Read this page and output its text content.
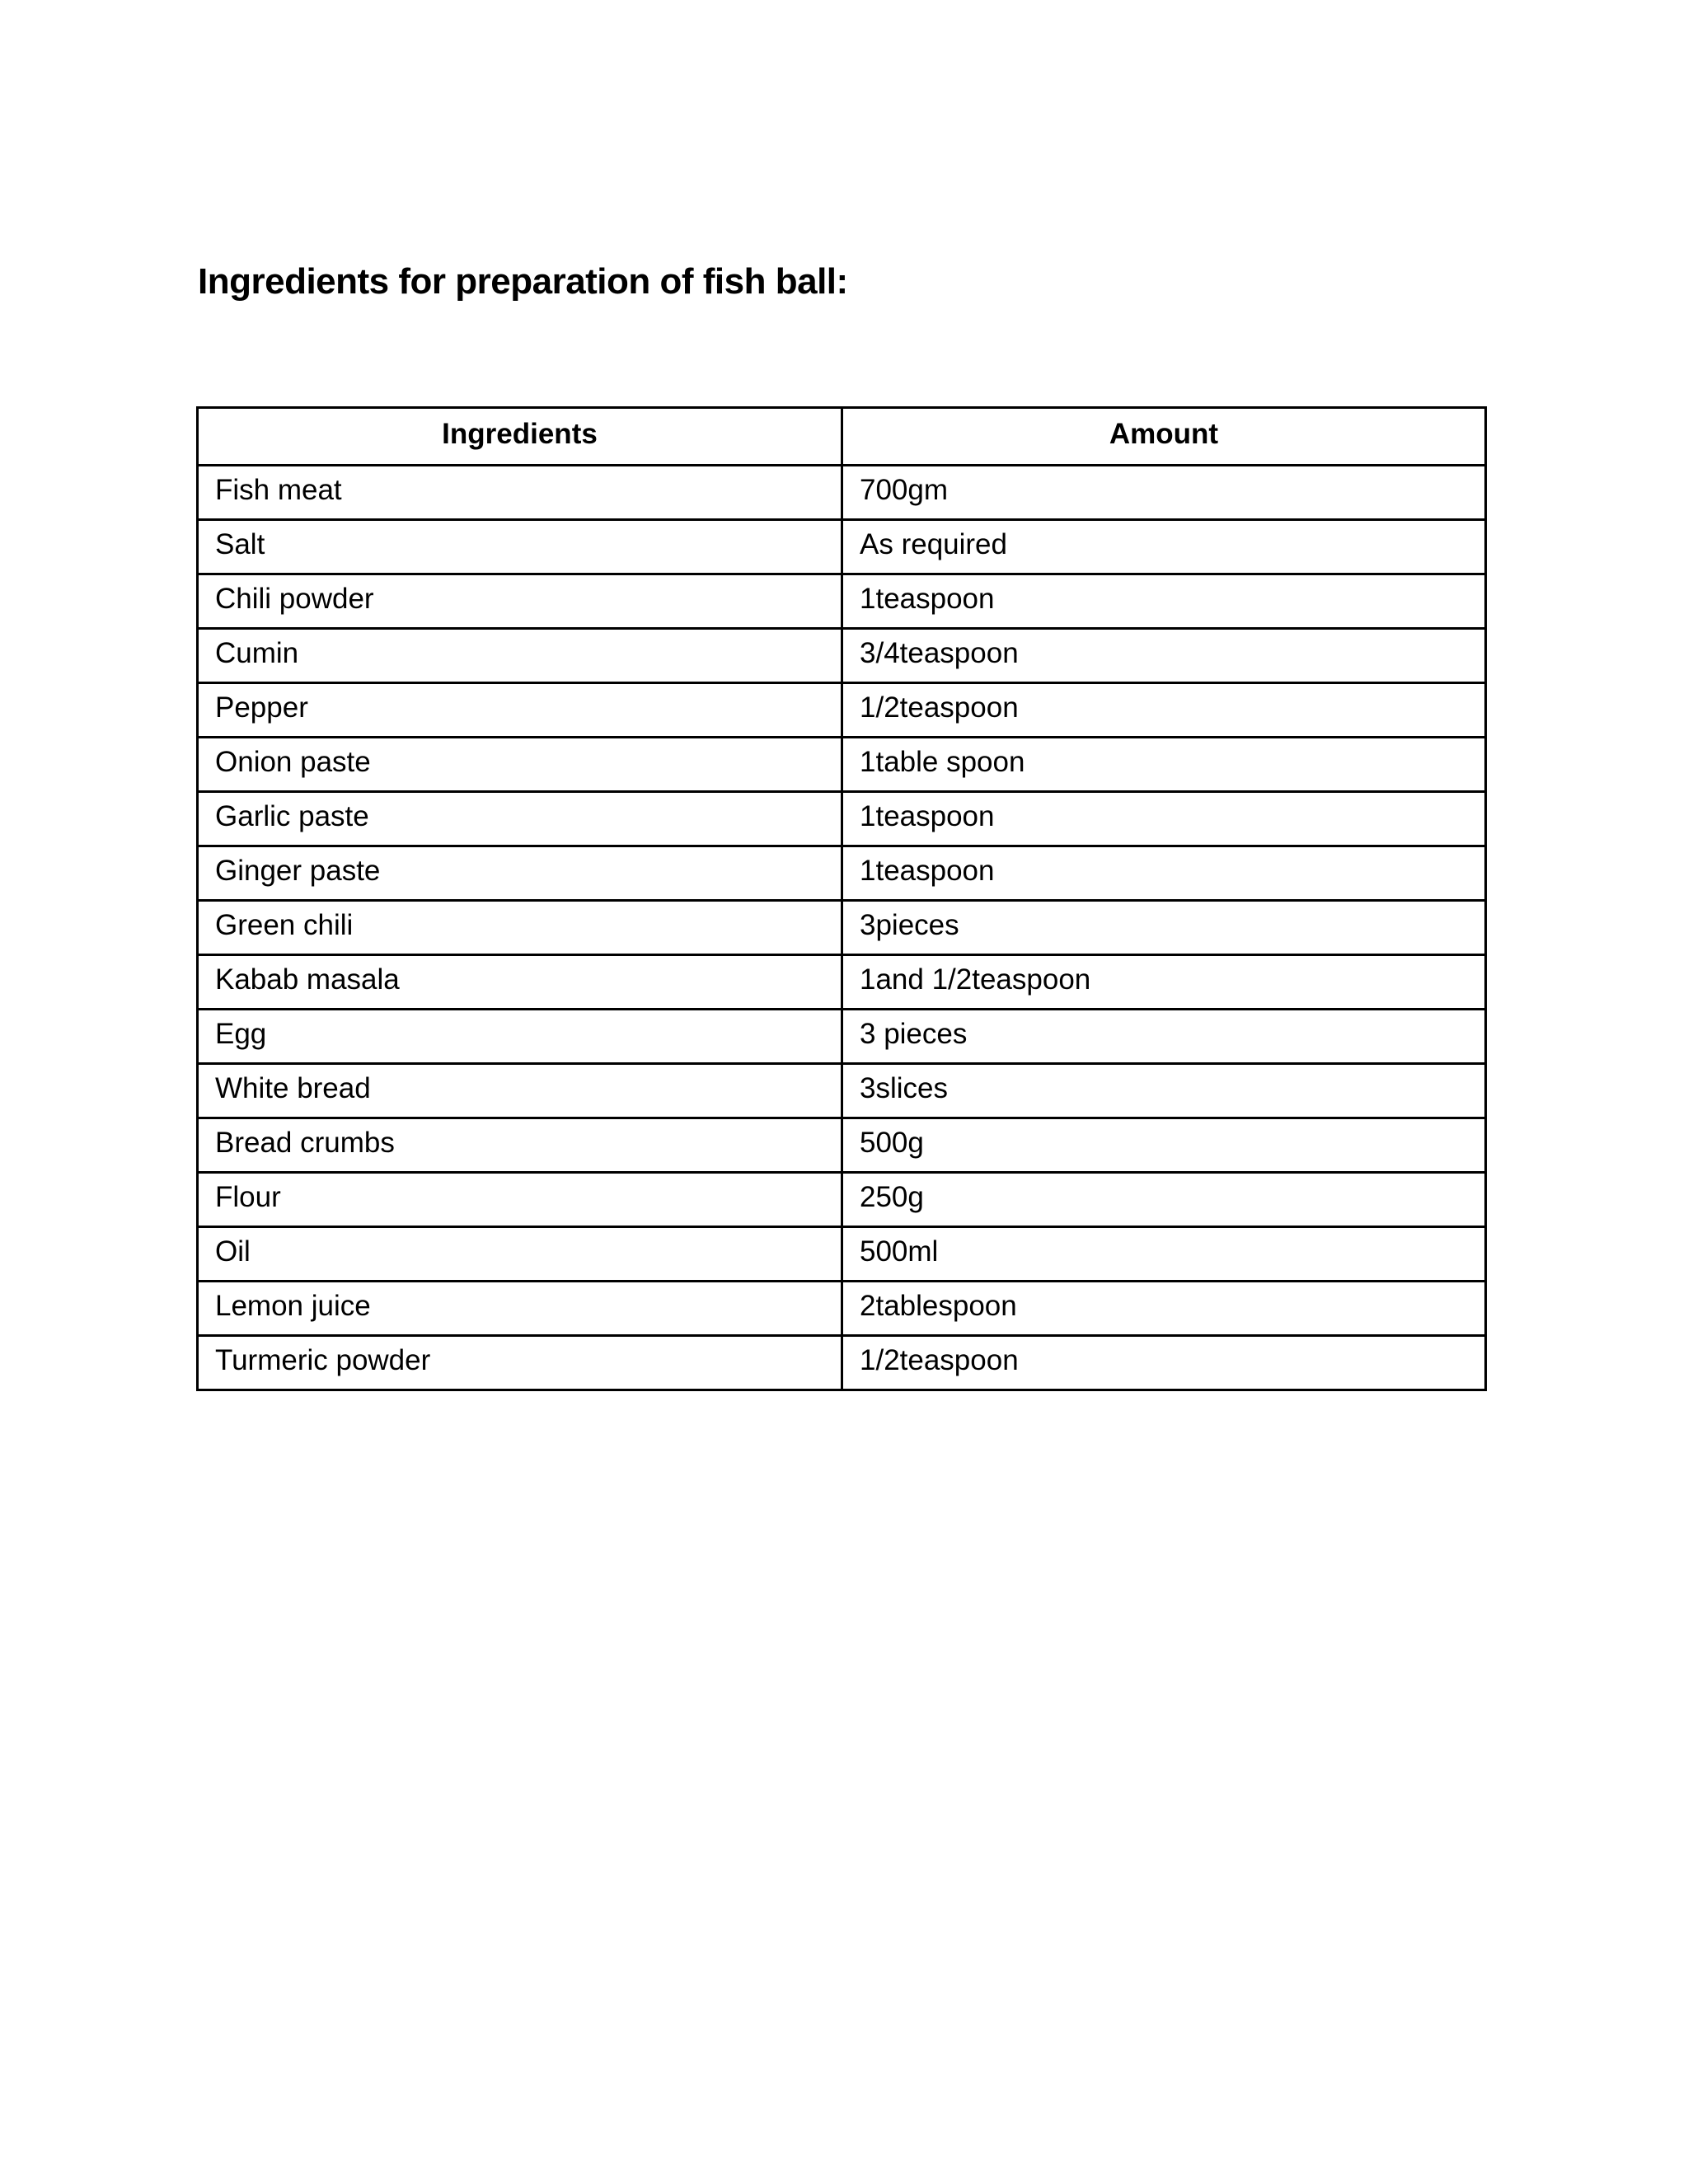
Ingredients for preparation of fish ball:
Ingredients	Amount
Fish meat	700gm
Salt	As required
Chili powder	1teaspoon
Cumin	3/4teaspoon
Pepper	1/2teaspoon
Onion paste	1table spoon
Garlic paste	1teaspoon
Ginger paste	1teaspoon
Green chili	3pieces
Kabab masala	1and 1/2teaspoon
Egg	3 pieces
White bread	3slices
Bread crumbs	500g
Flour	250g
Oil	500ml
Lemon juice	2tablespoon
Turmeric powder	1/2teaspoon
